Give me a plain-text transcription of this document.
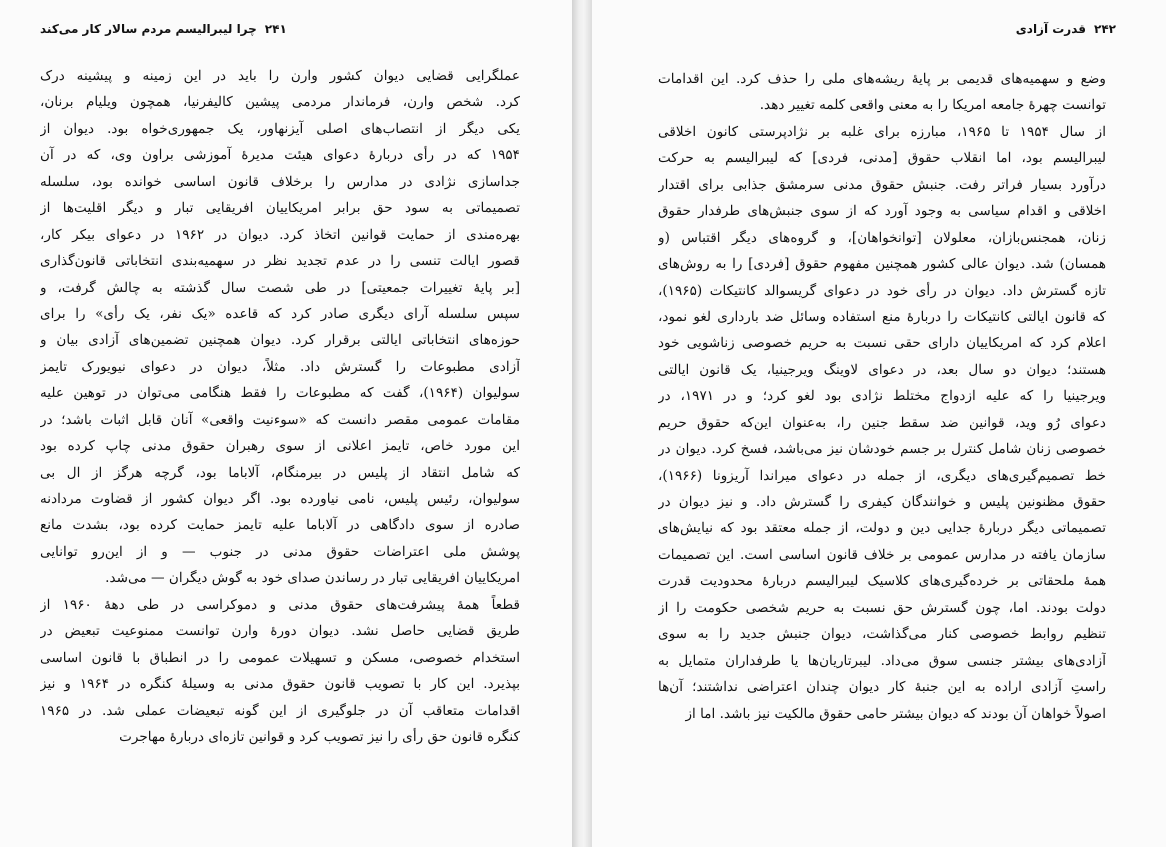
۲۴۱
چرا لیبرالیسم مردم سالار کار می‌کند
عملگرایی قضایی دیوان کشور وارن را باید در این زمینه و پیشینه درک
کرد. شخص وارن، فرماندار مردمی پیشین کالیفرنیا، همچون ویلیام برنان،
یکی دیگر از انتصاب‌های اصلی آیزنهاور، یک جمهوری‌خواه بود. دیوان از
۱۹۵۴ که در رأی درباره‌ٔ دعوای هیئت مدیرهٔ آموزشی براون وی، که در آن
جداسازی نژادی در مدارس را برخلاف قانون اساسی خوانده بود، سلسله
تصمیماتی به سود حق برابر امریکاییان افریقایی تبار و دیگر اقلیت‌ها از
بهره‌مندی از حمایت قوانین اتخاذ کرد. دیوان در ۱۹۶۲ در دعوای بیکر کار،
قصور ایالت تنسی را در عدم تجدید نظر در سهمیه‌بندی انتخاباتی قانون‌گذاری
[بر پایهٔ تغییرات جمعیتی] در طی شصت سال گذشته به چالش گرفت، و
سپس سلسله آرای دیگری صادر کرد که قاعده «یک نفر، یک رأی» را برای
حوزه‌های انتخاباتی ایالتی برقرار کرد. دیوان همچنین تضمین‌های آزادی بیان و
آزادی مطبوعات را گسترش داد. مثلاً، دیوان در دعوای نیویورک تایمز
سولیوان (۱۹۶۴)، گفت که مطبوعات را فقط هنگامی می‌توان در توهین علیه
مقامات عمومی مقصر دانست که «سوءنیت واقعی» آنان قابل اثبات باشد؛ در
این مورد خاص، تایمز اعلانی از سوی رهبران حقوق مدنی چاپ کرده بود
که شامل انتقاد از پلیس در بیرمنگام، آلاباما بود، گرچه هرگز از ال بی
سولیوان، رئیس پلیس، نامی نیاورده بود. اگر دیوان کشور از قضاوت مردادنه
صادره از سوی دادگاهی در آلاباما علیه تایمز حمایت کرده بود، بشدت مانع
پوشش ملی اعتراضات حقوق مدنی در جنوب — و از این‌رو توانایی
امریکاییان افریقایی تبار در رساندن صدای خود به گوش دیگران — می‌شد.
قطعاً همهٔ پیشرفت‌های حقوق مدنی و دموکراسی در طی دههٔ ۱۹۶۰ از
طریق قضایی حاصل نشد. دیوان دورهٔ وارن توانست ممنوعیت تبعیض در
استخدام خصوصی، مسکن و تسهیلات عمومی را در انطباق با قانون اساسی
بپذیرد. این کار با تصویب قانون حقوق مدنی به وسیلهٔ کنگره در ۱۹۶۴ و نیز
اقدامات متعاقب آن در جلوگیری از این گونه تبعیضات عملی شد. در ۱۹۶۵
کنگره قانون حق رأی را نیز تصویب کرد و قوانین تازه‌ای دربارهٔ مهاجرت
۲۴۲
قدرت آزادی
وضع و سهمیه‌های قدیمی بر پایهٔ ریشه‌های ملی را حذف کرد. این اقدامات
توانست چهرهٔ جامعه امریکا را به معنی واقعی کلمه تغییر دهد.
از سال ۱۹۵۴ تا ۱۹۶۵، مبارزه برای غلبه بر نژادپرستی کانون اخلاقی
لیبرالیسم بود، اما انقلاب حقوق [مدنی، فردی] که لیبرالیسم به حرکت
درآورد بسیار فراتر رفت. جنبش حقوق مدنی سرمشق جذابی برای اقتدار
اخلاقی و اقدام سیاسی به وجود آورد که از سوی جنبش‌های طرفدار حقوق
زنان، همجنس‌بازان، معلولان [توانخواهان]، و گروه‌های دیگر اقتباس (و
همسان) شد. دیوان عالی کشور همچنین مفهوم حقوق [فردی] را به روش‌های
تازه گسترش داد. دیوان در رأی خود در دعوای گریسوالد کانتیکات (۱۹۶۵)،
که قانون ایالتی کانتیکات را دربارهٔ منع استفاده وسائل ضد بارداری لغو نمود،
اعلام کرد که امریکاییان دارای حقی نسبت به حریم خصوصی زناشویی خود
هستند؛ دیوان دو سال بعد، در دعوای لاوینگ ویرجینیا، یک قانون ایالتی
ویرجینیا را که علیه ازدواج مختلط نژادی بود لغو کرد؛ و در ۱۹۷۱، در
دعوای رُو وید، قوانین ضد سقط جنین را، به‌عنوان این‌که حقوق حریم
خصوصی زنان شامل کنترل بر جسم خودشان نیز می‌باشد، فسخ کرد. دیوان در
خط تصمیم‌گیری‌های دیگری، از جمله در دعوای میراندا آریزونا (۱۹۶۶)،
حقوق مظنونین پلیس و خوانندگان کیفری را گسترش داد. و نیز دیوان در
تصمیماتی دیگر دربارهٔ جدایی دین و دولت، از جمله معتقد بود که نیایش‌های
سازمان یافته در مدارس عمومی بر خلاف قانون اساسی است. این تصمیمات
همهٔ ملحقاتی بر خرده‌گیری‌های کلاسیک لیبرالیسم دربارهٔ محدودیت قدرت
دولت بودند. اما، چون گسترش حق نسبت به حریم شخصی حکومت را از
تنظیم روابط خصوصی کنار می‌گذاشت، دیوان جنبش جدید را به سوی
آزادی‌های بیشتر جنسی سوق می‌داد. لیبرتاریان‌ها یا طرفداران متمایل به
راستِ آزادی اراده به این جنبهٔ کار دیوان چندان اعتراضی نداشتند؛ آن‌ها
اصولاً خواهان آن بودند که دیوان بیشتر حامی حقوق مالکیت نیز باشد. اما از
